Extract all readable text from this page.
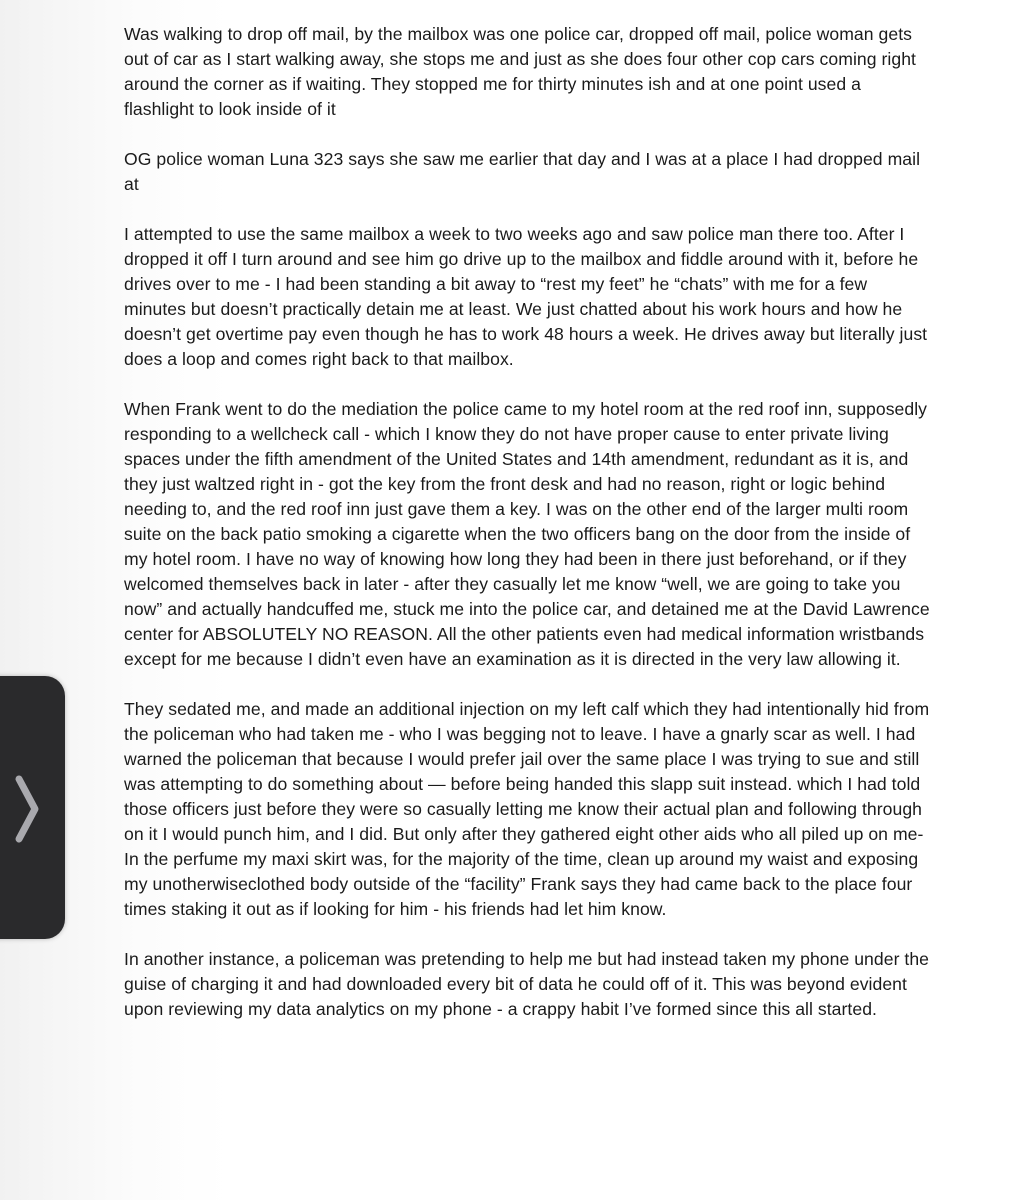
Was walking to drop off mail, by the mailbox was one police car, dropped off mail, police woman gets out of car as I start walking away, she stops me and just as she does four other cop cars coming right around the corner as if waiting. They stopped me for thirty minutes ish and at one point used a flashlight to look inside of it

OG police woman Luna 323 says she saw me earlier that day and I was at a place I had dropped mail at

I attempted to use the same mailbox a week to two weeks ago and saw police man there too. After I dropped it off I turn around and see him go drive up to the mailbox and fiddle around with it, before he drives over to me - I had been standing a bit away to “rest my feet” he “chats” with me for a few minutes but doesn’t practically detain me at least. We just chatted about his work hours and how he doesn’t get overtime pay even though he has to work 48 hours a week. He drives away but literally just does a loop and comes right back to that mailbox.

When Frank went to do the mediation the police came to my hotel room at the red roof inn, supposedly responding to a wellcheck call - which I know they do not have proper cause to enter private living spaces under the fifth amendment of the United States and 14th amendment, redundant as it is, and they just waltzed right in - got the key from the front desk and had no reason, right or logic behind needing to, and the red roof inn just gave them a key. I was on the other end of the larger multi room suite on the back patio smoking a cigarette when the two officers bang on the door from the inside of my hotel room. I have no way of knowing how long they had been in there just beforehand, or if they welcomed themselves back in later - after they casually let me know “well, we are going to take you now” and actually handcuffed me, stuck me into the police car, and detained me at the David Lawrence center for ABSOLUTELY NO REASON. All the other patients even had medical information wristbands except for me because I didn’t even have an examination as it is directed in the very law allowing it.

They sedated me, and made an additional injection on my left calf which they had intentionally hid from the policeman who had taken me - who I was begging not to leave. I have a gnarly scar as well. I had warned the policeman that because I would prefer jail over the same place I was trying to sue and still was attempting to do something about — before being handed this slapp suit instead. which I had told those officers just before they were so casually letting me know their actual plan and following through on it I would punch him, and I did. But only after they gathered eight other aids who all piled up on me- In the perfume my maxi skirt was, for the majority of the time, clean up around my waist and exposing my unotherwiseclothed body outside of the “facility” Frank says they had came back to the place four times staking it out as if looking for him - his friends had let him know.

In another instance, a policeman was pretending to help me but had instead taken my phone under the guise of charging it and had downloaded every bit of data he could off of it. This was beyond evident upon reviewing my data analytics on my phone - a crappy habit I’ve formed since this all started.
